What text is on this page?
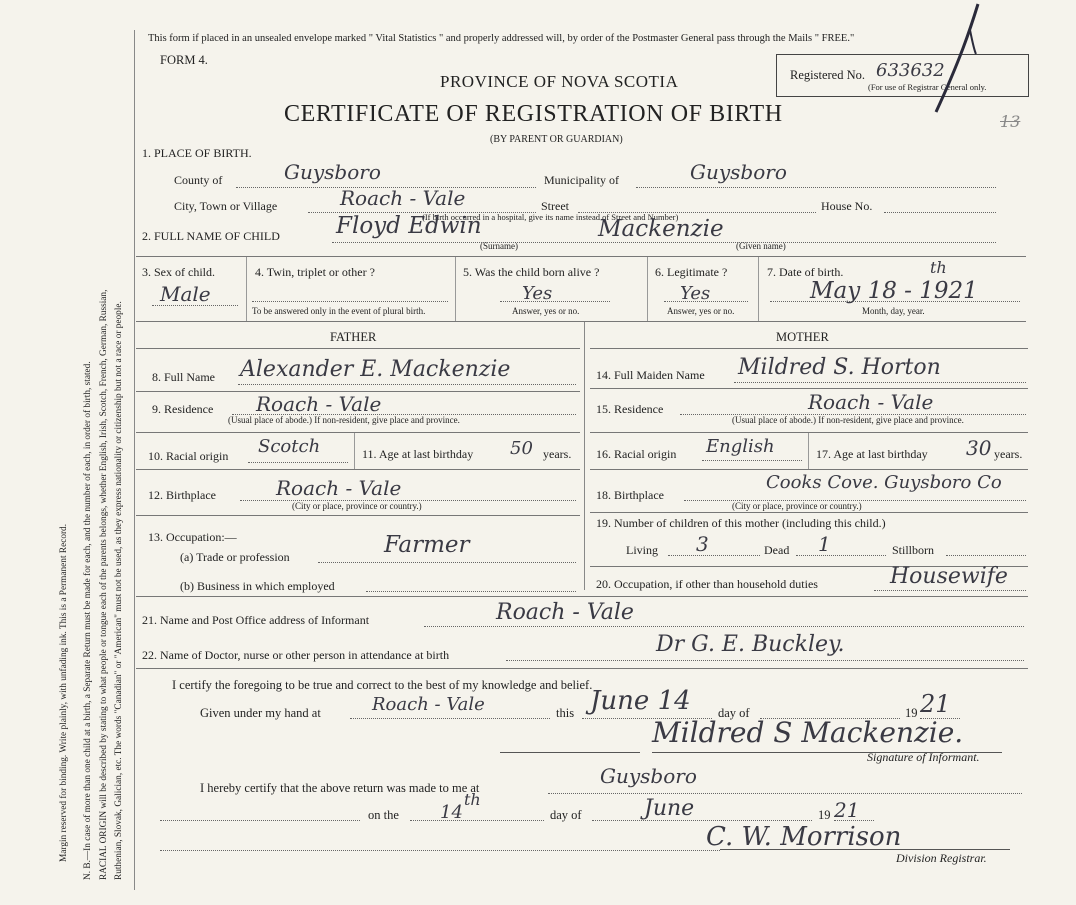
Margin reserved for binding. Write plainly, with unfading ink. This is a Permanent Record. N. B.—In case of more than one child at a birth, a Separate Return must be made for each, and the number of each, in order of birth, stated. RACIAL ORIGIN will be described by stating to what people or tongue each of the parents belongs, whether English, Irish, Scotch, French, German, Russian, Ruthenian, Slovak, Galician, etc. The words "Canadian" or "American" must not be used, as they express nationality or citizenship but not a race or people.
This form if placed in an unsealed envelope marked " Vital Statistics " and properly addressed will, by order of the Postmaster General pass through the Mails " FREE."
FORM 4.
PROVINCE OF NOVA SCOTIA
CERTIFICATE OF REGISTRATION OF BIRTH
(BY PARENT OR GUARDIAN)
Registered No. 633632
(For use of Registrar General only.
13
1. PLACE OF BIRTH.
County of	Guysboro	Municipality of	Guysboro
City, Town or Village	Roach - Vale	Street	House No.
(If birth occurred in a hospital, give its name instead of Street and Number)
2. FULL NAME OF CHILD Floyd Edwin	Mackenzie
(Surname)	(Given name)
3. Sex of child.
Male
4. Twin, triplet or other ?
To be answered only in the event of plural birth.
5. Was the child born alive ?
Yes
Answer, yes or no.
6. Legitimate ?
Yes
Answer, yes or no.
7. Date of birth.
May 18 - 1921
th
Month, day, year.
FATHER	MOTHER
8. Full Name Alexander E. Mackenzie
9. Residence Roach - Vale
(Usual place of abode.) If non-resident, give place and province.
10. Racial origin Scotch	11. Age at last birthday 50 years.
12. Birthplace	Roach - Vale
(City or place, province or country.)
13. Occupation:—
(a) Trade or profession	Farmer
(b) Business in which employed
14. Full Maiden Name Mildred S. Horton
15. Residence	Roach - Vale
(Usual place of abode.) If non-resident, give place and province.
16. Racial origin English	17. Age at last birthday 30 years.
18. Birthplace
Cooks Cove. Guysboro Co
(City or place, province or country.)
19. Number of children of this mother (including this child.)
Living 3	Dead 1	Stillborn
20. Occupation, if other than household duties	Housewife
21. Name and Post Office address of Informant	Roach - Vale
22. Name of Doctor, nurse or other person in attendance at birth	Dr G. E. Buckley.
I certify the foregoing to be true and correct to the best of my knowledge and belief.
Given under my hand at	Roach - Vale	this June 14 day of	19 21
Mildred S Mackenzie.
Signature of Informant.
I hereby certify that the above return was made to me at	Guysboro
on the 14
th
day of	June	19 21
C. W. Morrison
Division Registrar.
